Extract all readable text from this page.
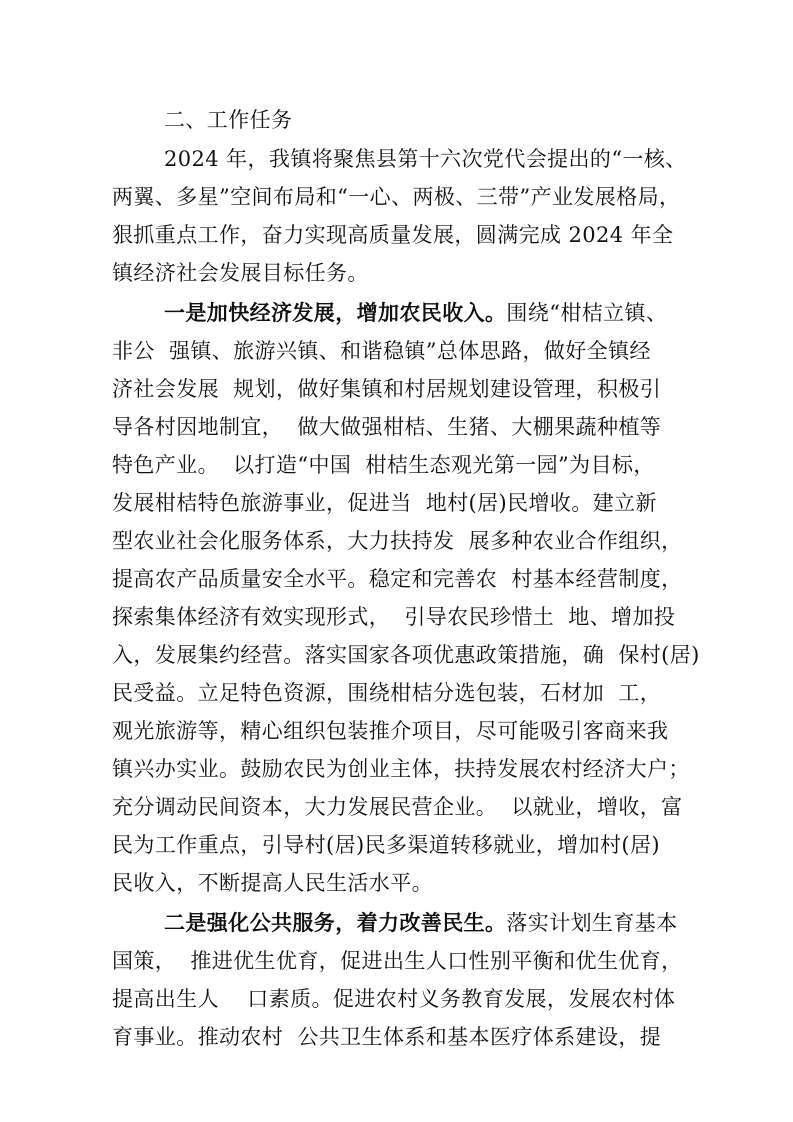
二、工作任务
2024 年，我镇将聚焦县第十六次党代会提出的“一核、
两翼、多星”空间布局和“一心、两极、三带”产业发展格局，
狠抓重点工作，奋力实现高质量发展，圆满完成 2024 年全
镇经济社会发展目标任务。
一是加快经济发展，增加农民收入。围绕“柑桔立镇、
非公  强镇、旅游兴镇、和谐稳镇”总体思路，做好全镇经
济社会发展  规划，做好集镇和村居规划建设管理，积极引
导各村因地制宜，  做大做强柑桔、生猪、大棚果蔬种植等
特色产业。  以打造“中国  柑桔生态观光第一园”为目标，
发展柑桔特色旅游事业，促进当  地村(居)民增收。建立新
型农业社会化服务体系，大力扶持发  展多种农业合作组织，
提高农产品质量安全水平。稳定和完善农  村基本经营制度，
探索集体经济有效实现形式，  引导农民珍惜土  地、增加投
入，发展集约经营。落实国家各项优惠政策措施，确  保村(居)
民受益。立足特色资源，围绕柑桔分选包装，石材加  工，
观光旅游等，精心组织包装推介项目，尽可能吸引客商来我
镇兴办实业。鼓励农民为创业主体，扶持发展农村经济大户；
充分调动民间资本，大力发展民营企业。  以就业，增收，富
民为工作重点，引导村(居)民多渠道转移就业，增加村(居)
民收入，不断提高人民生活水平。
二是强化公共服务，着力改善民生。落实计划生育基本
国策，  推进优生优育，促进出生人口性别平衡和优生优育，
提高出生人    口素质。促进农村义务教育发展，发展农村体
育事业。推动农村  公共卫生体系和基本医疗体系建设，提
